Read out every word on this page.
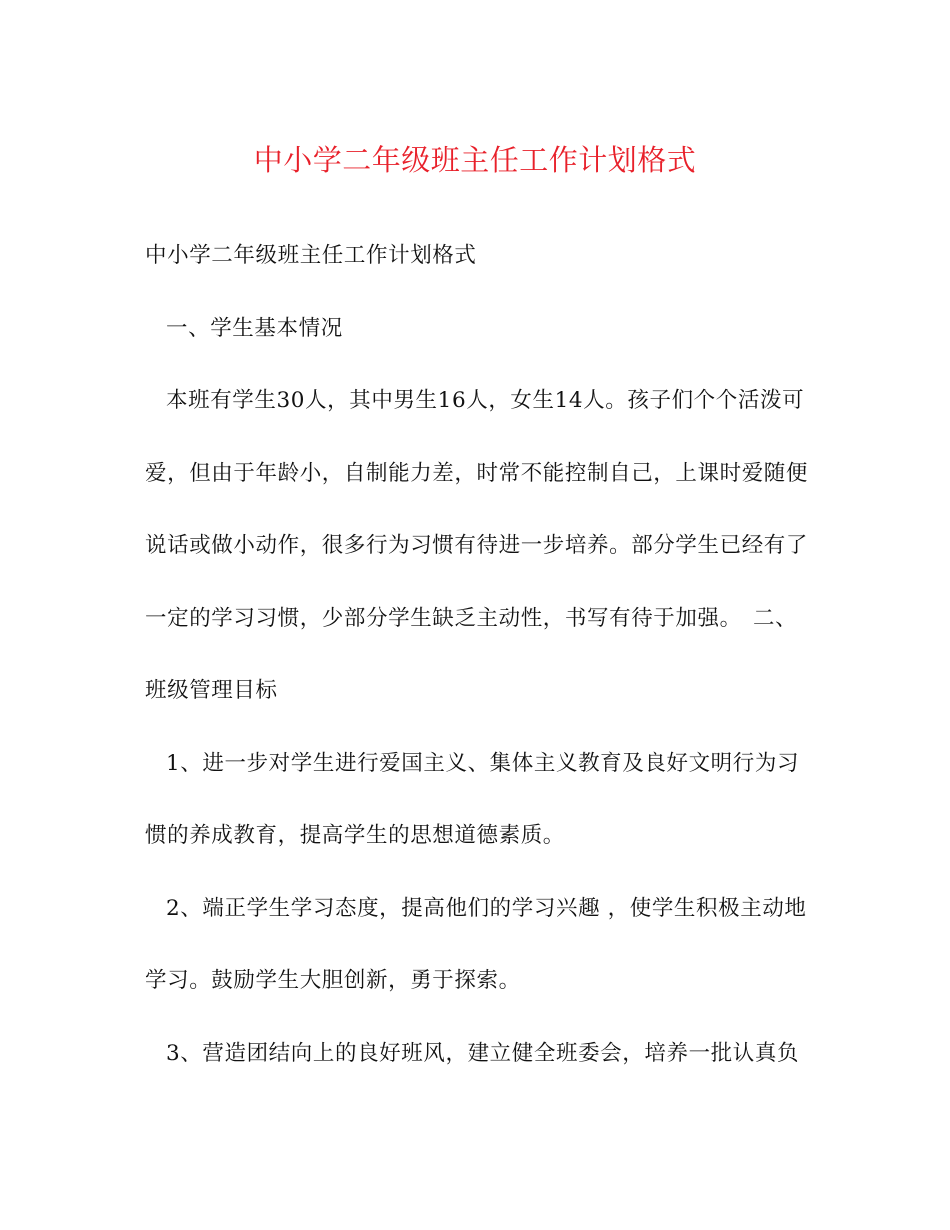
中小学二年级班主任工作计划格式

中小学二年级班主任工作计划格式

一、学生基本情况

本班有学生30人，其中男生16人，女生14人。孩子们个个活泼可爱，但由于年龄小，自制能力差，时常不能控制自己，上课时爱随便说话或做小动作，很多行为习惯有待进一步培养。部分学生已经有了一定的学习习惯，少部分学生缺乏主动性，书写有待于加强。　二、班级管理目标

1、进一步对学生进行爱国主义、集体主义教育及良好文明行为习惯的养成教育，提高学生的思想道德素质。

2、端正学生学习态度，提高他们的学习兴趣 ，使学生积极主动地学习。鼓励学生大胆创新，勇于探索。

3、营造团结向上的良好班风，建立健全班委会，培养一批认真负
